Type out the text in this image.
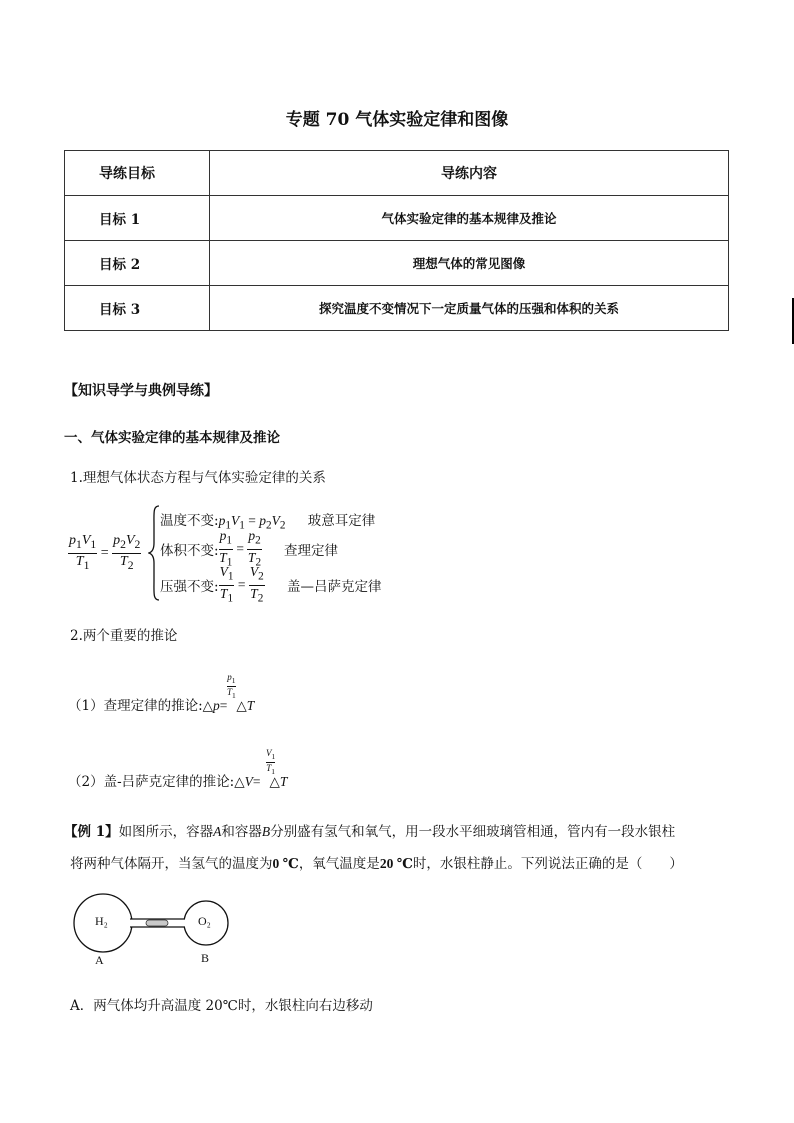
专题 70 气体实验定律和图像
导练目标	导练内容
目标 1	气体实验定律的基本规律及推论
目标 2	理想气体的常见图像
目标 3	探究温度不变情况下一定质量气体的压强和体积的关系
【知识导学与典例导练】
一、气体实验定律的基本规律及推论
1.理想气体状态方程与气体实验定律的关系
$\frac{p_1V_1}{T_1} = \frac{p_2V_2}{T_2}$
温度不变$:p_1V_1 = p_2V_2$ 玻意耳定律
体积不变: $\frac{p_1}{T_1} = \frac{p_2}{T_2}$ 查理定律
压强不变: $\frac{V_1}{T_1} = \frac{V_2}{T_2}$ 盖—吕萨克定律
2.两个重要的推论
$p_1$
$T_1$
（1）查理定律的推论:△p= △T
$V_1$
$T_1$
（2）盖-吕萨克定律的推论:△V= △T
【例 1】如图所示，容器A和容器B分别盛有氢气和氧气，用一段水平细玻璃管相通，管内有一段水银柱
将两种气体隔开，当氢气的温度为0 ℃，氧气温度是20 ℃时，水银柱静止。下列说法正确的是（　　）
H₂	O₂
A	B
A．两气体均升高温度 20℃时，水银柱向右边移动
